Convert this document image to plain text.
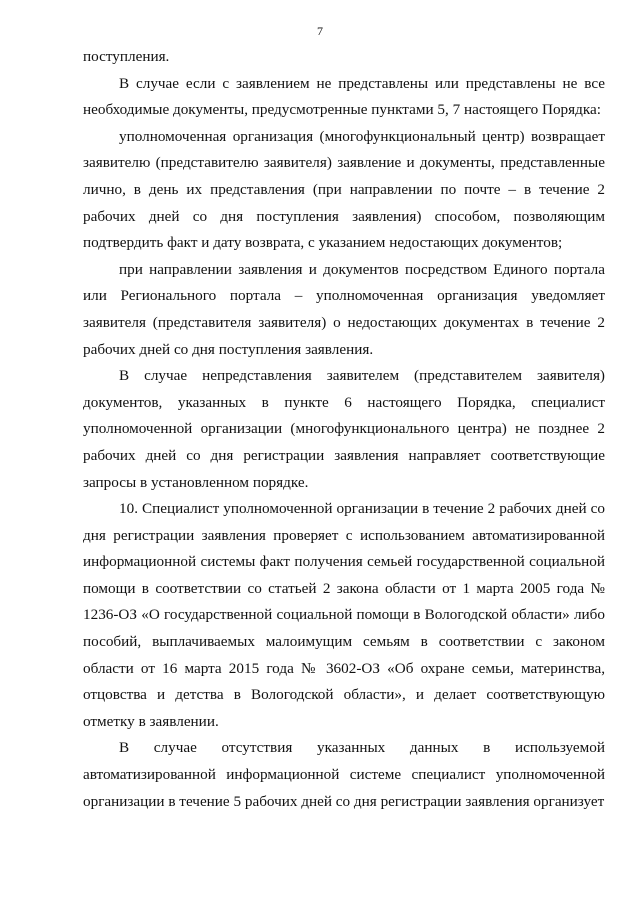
7

поступления.

В случае если с заявлением не представлены или представлены не все необходимые документы, предусмотренные пунктами 5, 7 настоящего Порядка:

уполномоченная организация (многофункциональный центр) возвращает заявителю (представителю заявителя) заявление и документы, представленные лично, в день их представления (при направлении по почте – в течение 2 рабочих дней со дня поступления заявления) способом, позволяющим подтвердить факт и дату возврата, с указанием недостающих документов;

при направлении заявления и документов посредством Единого портала или Регионального портала – уполномоченная организация уведомляет заявителя (представителя заявителя) о недостающих документах в течение 2 рабочих дней со дня поступления заявления.

В случае непредставления заявителем (представителем заявителя) документов, указанных в пункте 6 настоящего Порядка, специалист уполномоченной организации (многофункционального центра) не позднее 2 рабочих дней со дня регистрации заявления направляет соответствующие запросы в установленном порядке.

10. Специалист уполномоченной организации в течение 2 рабочих дней со дня регистрации заявления проверяет с использованием автоматизированной информационной системы факт получения семьей государственной социальной помощи в соответствии со статьей 2 закона области от 1 марта 2005 года № 1236-ОЗ «О государственной социальной помощи в Вологодской области» либо пособий, выплачиваемых малоимущим семьям в соответствии с законом области от 16 марта 2015 года № 3602-ОЗ «Об охране семьи, материнства, отцовства и детства в Вологодской области», и делает соответствующую отметку в заявлении.

В случае отсутствия указанных данных в используемой автоматизированной информационной системе специалист уполномоченной организации в течение 5 рабочих дней со дня регистрации заявления организует
